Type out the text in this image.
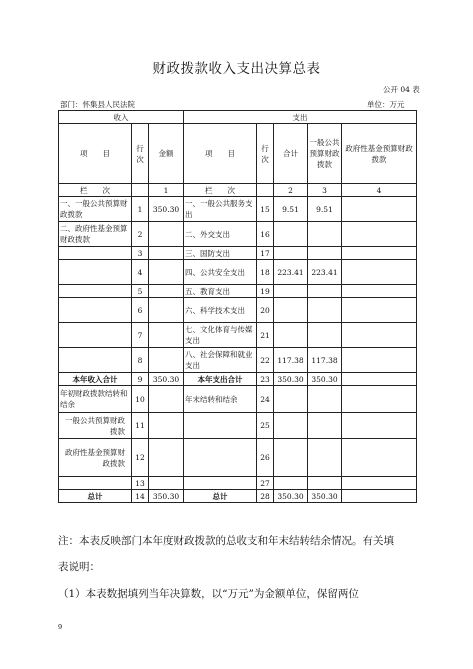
财政拨款收入支出决算总表
公开 04 表
部门：怀集县人民法院	单位：万元
收入			支出				
项　　目	行次	金额	项　　目	行次	合计	一般公共预算财政拨款	政府性基金预算财政拨款
栏　　次		1	栏　　次		2	3	4
一、一般公共预算财政拨款	1	350.30	一、一般公共服务支出	15	9.51	9.51	
二、政府性基金预算财政拨款	2		二、外交支出	16			
	3		三、国防支出	17			
	4		四、公共安全支出	18	223.41	223.41	
	5		五、教育支出	19			
	6		六、科学技术支出	20			
	7		七、文化体育与传媒支出	21			
	8		八、社会保障和就业支出	22	117.38	117.38	
本年收入合计	9	350.30	本年支出合计	23	350.30	350.30	
年初财政拨款结转和结余	10		年末结转和结余	24			
一般公共预算财政拨款	11			25			
政府性基金预算财政拨款	12			26			
	13			27			
总计	14	350.30	总计	28	350.30	350.30	
注：本表反映部门本年度财政拨款的总收支和年末结转结余情况。有关填
表说明：
（1）本表数据填列当年决算数，以“万元”为金额单位，保留两位
9
